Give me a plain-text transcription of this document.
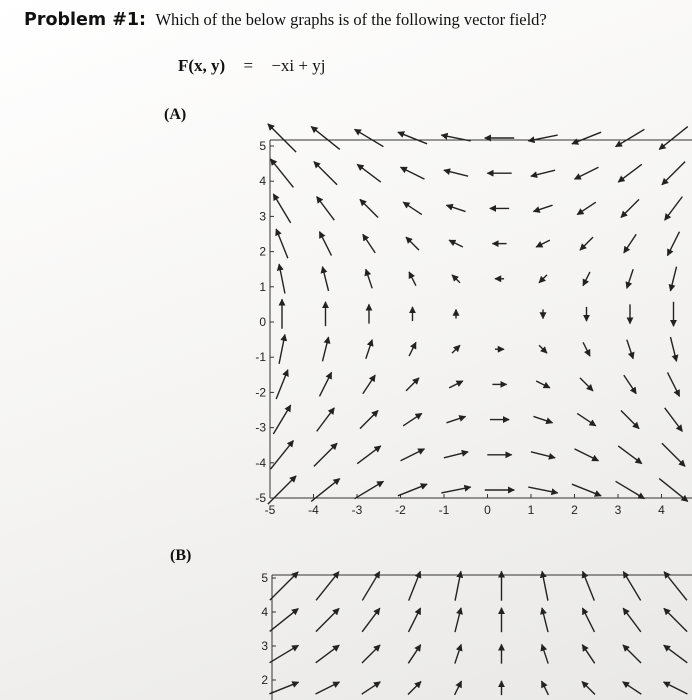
Problem #1: Which of the below graphs is of the following vector field?
F(x, y) = −xi + yj
(A)
(B)
5
4
3
2
1
0
-1
-2
-3
-4
-5
-5	-4	-3	-2	-1	0	1	2	3	4
5
4
3
2
